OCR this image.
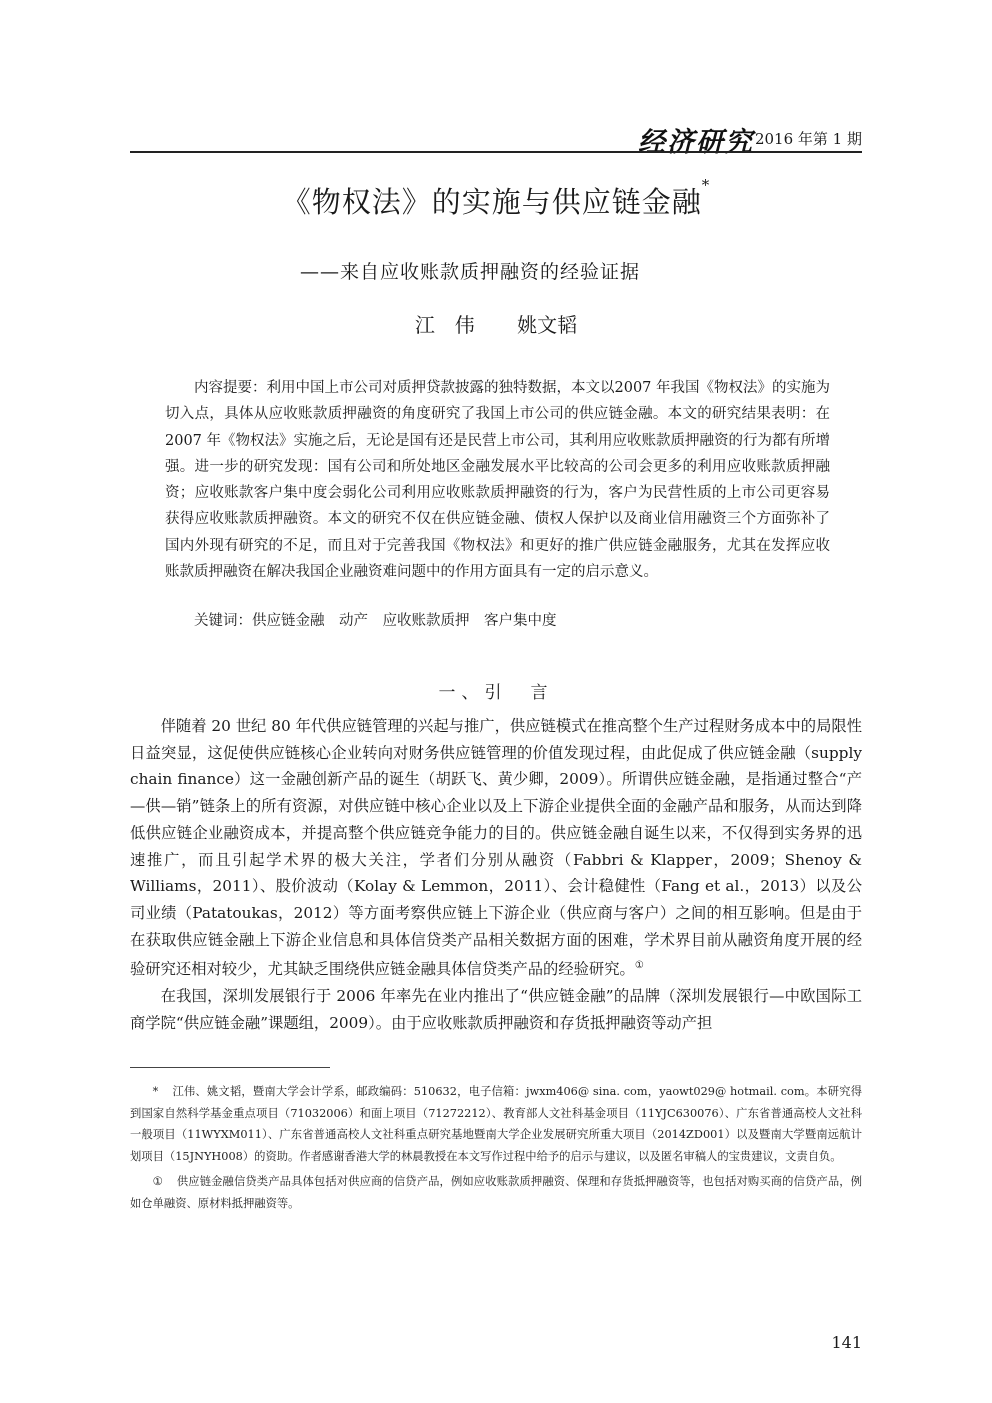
经济研究 2016 年第 1 期
《物权法》的实施与供应链金融*
——来自应收账款质押融资的经验证据
江　伟 姚文韬

内容提要：利用中国上市公司对质押贷款披露的独特数据，本文以2007 年我国《物权法》的实施为切入点，具体从应收账款质押融资的角度研究了我国上市公司的供应链金融。本文的研究结果表明：在 2007 年《物权法》实施之后，无论是国有还是民营上市公司，其利用应收账款质押融资的行为都有所增强。进一步的研究发现：国有公司和所处地区金融发展水平比较高的公司会更多的利用应收账款质押融资；应收账款客户集中度会弱化公司利用应收账款质押融资的行为，客户为民营性质的上市公司更容易获得应收账款质押融资。本文的研究不仅在供应链金融、债权人保护以及商业信用融资三个方面弥补了国内外现有研究的不足，而且对于完善我国《物权法》和更好的推广供应链金融服务，尤其在发挥应收账款质押融资在解决我国企业融资难问题中的作用方面具有一定的启示意义。

关键词：供应链金融　动产　应收账款质押　客户集中度
一、引　言

伴随着 20 世纪 80 年代供应链管理的兴起与推广，供应链模式在推高整个生产过程财务成本中的局限性日益突显，这促使供应链核心企业转向对财务供应链管理的价值发现过程，由此促成了供应链金融（supply chain finance）这一金融创新产品的诞生（胡跃飞、黄少卿，2009）。所谓供应链金融，是指通过整合“产—供—销”链条上的所有资源，对供应链中核心企业以及上下游企业提供全面的金融产品和服务，从而达到降低供应链企业融资成本，并提高整个供应链竞争能力的目的。供应链金融自诞生以来，不仅得到实务界的迅速推广，而且引起学术界的极大关注，学者们分别从融资（Fabbri & Klapper，2009；Shenoy & Williams，2011）、股价波动（Kolay & Lemmon，2011）、会计稳健性（Fang et al.，2013）以及公司业绩（Patatoukas，2012）等方面考察供应链上下游企业（供应商与客户）之间的相互影响。但是由于在获取供应链金融上下游企业信息和具体信贷类产品相关数据方面的困难，学术界目前从融资角度开展的经验研究还相对较少，尤其缺乏围绕供应链金融具体信贷类产品的经验研究。①

在我国，深圳发展银行于 2006 年率先在业内推出了“供应链金融”的品牌（深圳发展银行—中欧国际工商学院“供应链金融”课题组，2009）。由于应收账款质押融资和存货抵押融资等动产担

* 江伟、姚文韬，暨南大学会计学系，邮政编码：510632，电子信箱：jwxm406@ sina. com，yaowt029@ hotmail. com。本研究得到国家自然科学基金重点项目（71032006）和面上项目（71272212）、教育部人文社科基金项目（11YJC630076）、广东省普通高校人文社科一般项目（11WYXM011）、广东省普通高校人文社科重点研究基地暨南大学企业发展研究所重大项目（2014ZD001）以及暨南大学暨南远航计划项目（15JNYH008）的资助。作者感谢香港大学的林晨教授在本文写作过程中给予的启示与建议，以及匿名审稿人的宝贵建议，文责自负。

① 供应链金融信贷类产品具体包括对供应商的信贷产品，例如应收账款质押融资、保理和存货抵押融资等，也包括对购买商的信贷产品，例如仓单融资、原材料抵押融资等。

141
